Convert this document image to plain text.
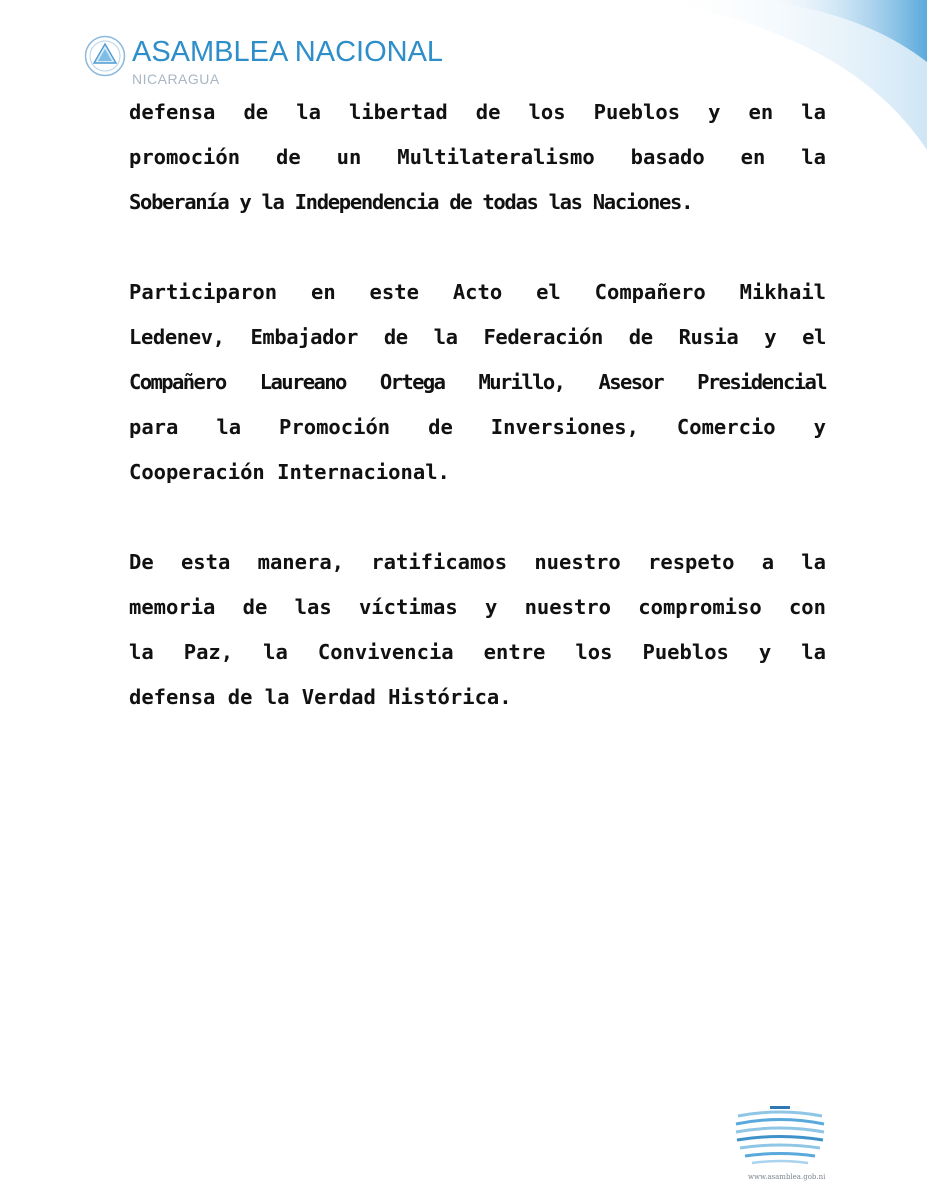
ASAMBLEA NACIONAL
NICARAGUA
defensa de la libertad de los Pueblos y en la
promoción de un Multilateralismo basado en la
Soberanía y la Independencia de todas las Naciones.
Participaron en este Acto el Compañero Mikhail
Ledenev, Embajador de la Federación de Rusia y el
Compañero Laureano Ortega Murillo, Asesor Presidencial
para la Promoción de Inversiones, Comercio y
Cooperación Internacional.
De esta manera, ratificamos nuestro respeto a la
memoria de las víctimas y nuestro compromiso con
la Paz, la Convivencia entre los Pueblos y la
defensa de la Verdad Histórica.
www.asamblea.gob.ni
